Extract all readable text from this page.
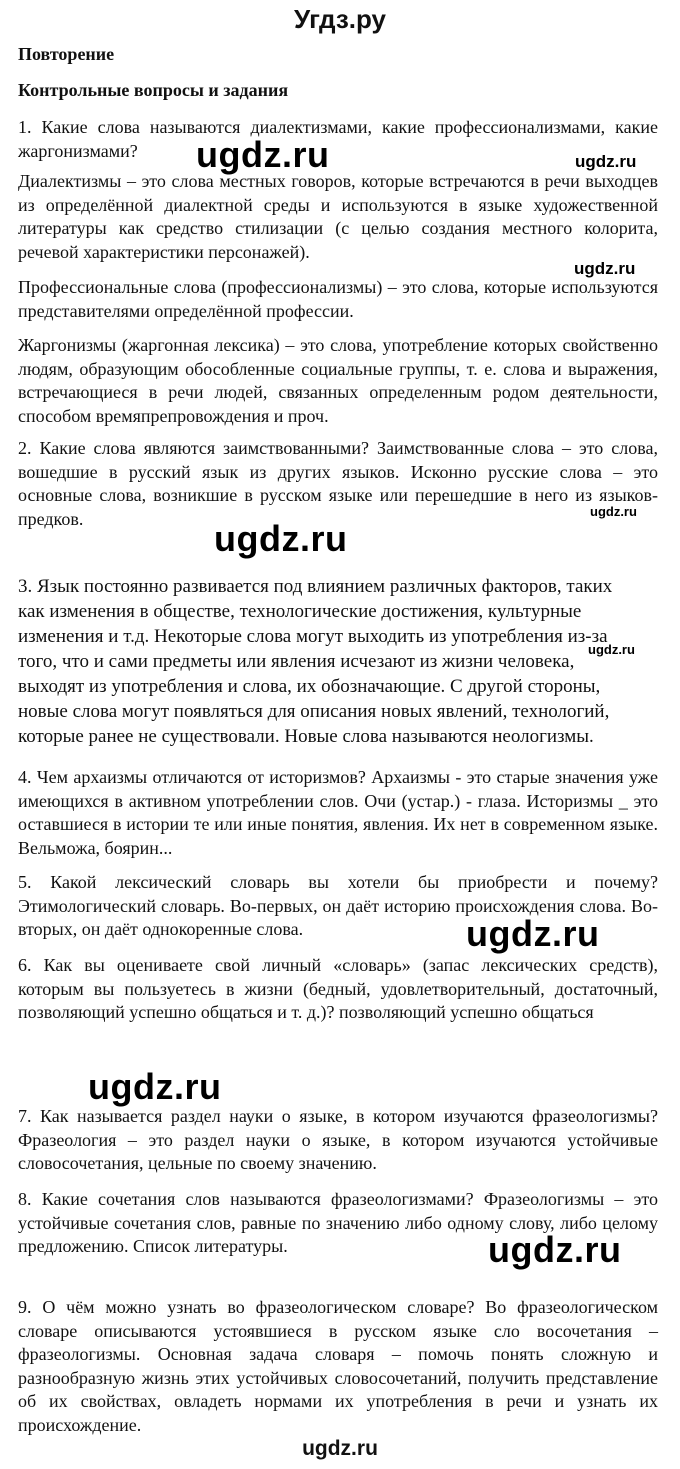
Угдз.ру
Повторение
Контрольные вопросы и задания
1. Какие слова называются диалектизмами, какие профессионализмами, какие жаргонизмами?
Диалектизмы – это слова местных говоров, которые встречаются в речи выходцев из определённой диалектной среды и используются в языке художественной литературы как средство стилизации (с целью создания местного колорита, речевой характеристики персонажей).
Профессиональные слова (профессионализмы) – это слова, которые используются представителями определённой профессии.
Жаргонизмы (жаргонная лексика) – это слова, употребление которых свойственно людям, образующим обособленные социальные группы, т. е. слова и выражения, встречающиеся в речи людей, связанных определенным родом деятельности, способом времяпрепровождения и проч.
2. Какие слова являются заимствованными? Заимствованные слова – это слова, вошедшие в русский язык из других языков. Исконно русские слова – это основные слова, возникшие в русском языке или перешедшие в него из языков-предков.
3. Язык постоянно развивается под влиянием различных факторов, таких как изменения в обществе, технологические достижения, культурные изменения и т.д. Некоторые слова могут выходить из употребления из-за того, что и сами предметы или явления исчезают из жизни человека, выходят из употребления и слова, их обозначающие. С другой стороны, новые слова могут появляться для описания новых явлений, технологий, которые ранее не существовали. Новые слова называются неологизмы.
4. Чем архаизмы отличаются от историзмов? Архаизмы - это старые значения уже имеющихся в активном употреблении слов. Очи (устар.) - глаза. Историзмы _ это оставшиеся в истории те или иные понятия, явления. Их нет в современном языке. Вельможа, боярин...
5. Какой лексический словарь вы хотели бы приобрести и почему? Этимологический словарь. Во-первых, он даёт историю происхождения слова. Во-вторых, он даёт однокоренные слова.
6. Как вы оцениваете свой личный «словарь» (запас лексических средств), которым вы пользуетесь в жизни (бедный, удовлетворительный, достаточный, позволяющий успешно общаться и т. д.)? позволяющий успешно общаться
7. Как называется раздел науки о языке, в котором изучаются фразеологизмы? Фразеология – это раздел науки о языке, в котором изучаются устойчивые словосочетания, цельные по своему значению.
8. Какие сочетания слов называются фразеологизмами? Фразеологизмы – это устойчивые сочетания слов, равные по значению либо одному слову, либо целому предложению. Список литературы.
9. О чём можно узнать во фразеологическом словаре? Во фразеологическом словаре описываются устоявшиеся в русском языке сло восочетания – фразеологизмы. Основная задача словаря – помочь понять сложную и разнообразную жизнь этих устойчивых словосочетаний, получить представление об их свойствах, овладеть нормами их употребления в речи и узнать их происхождение.
ugdz.ru	ugdz.ru
ugdz.ru
ugdz.ru
ugdz.ru
ugdz.ru
ugdz.ru
ugdz.ru
ugdz.ru
ugdz.ru
